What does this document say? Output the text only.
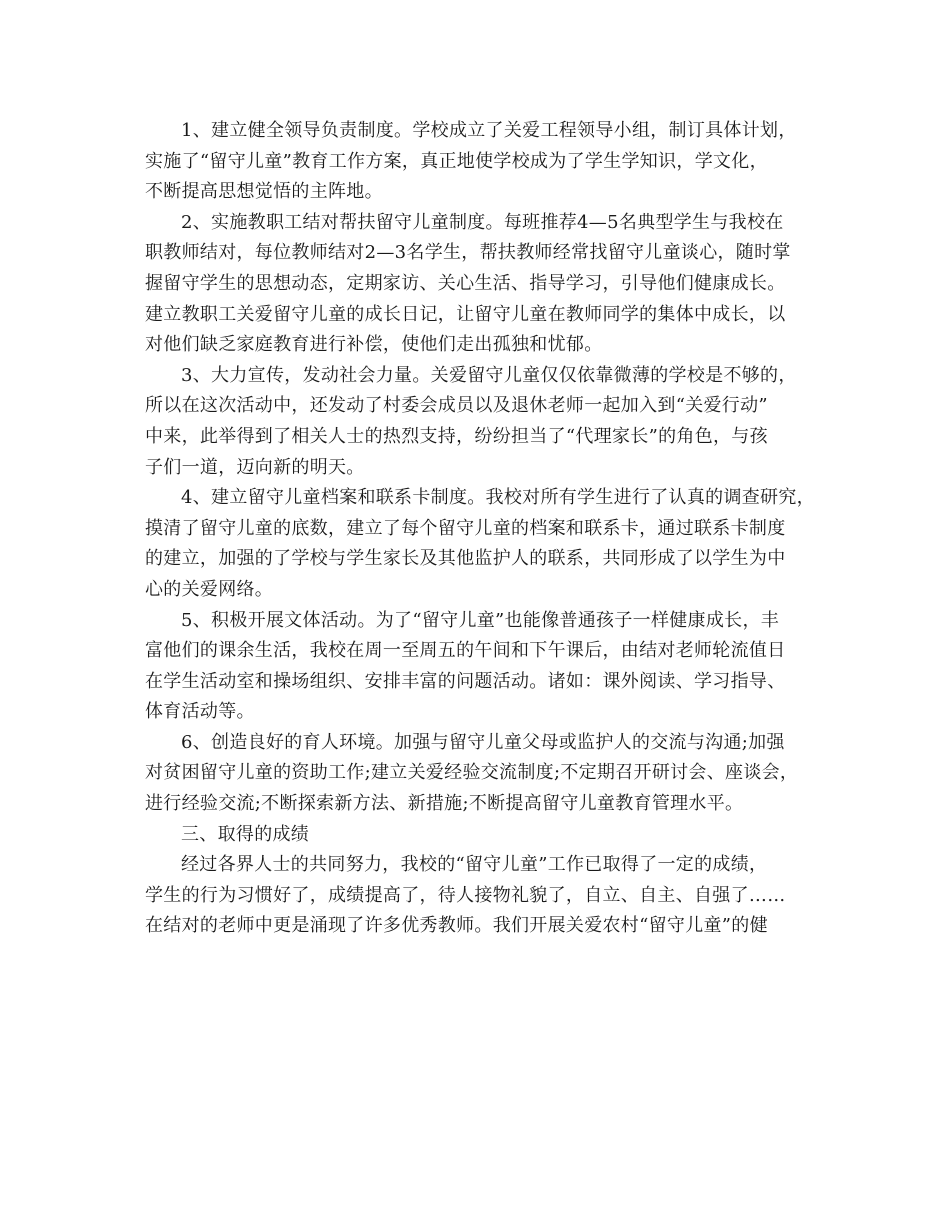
1、建立健全领导负责制度。学校成立了关爱工程领导小组，制订具体计划，
实施了“留守儿童”教育工作方案，真正地使学校成为了学生学知识，学文化，
不断提高思想觉悟的主阵地。
2、实施教职工结对帮扶留守儿童制度。每班推荐4—5名典型学生与我校在
职教师结对，每位教师结对2—3名学生，帮扶教师经常找留守儿童谈心，随时掌
握留守学生的思想动态，定期家访、关心生活、指导学习，引导他们健康成长。
建立教职工关爱留守儿童的成长日记，让留守儿童在教师同学的集体中成长，以
对他们缺乏家庭教育进行补偿，使他们走出孤独和忧郁。
3、大力宣传，发动社会力量。关爱留守儿童仅仅依靠微薄的学校是不够的，
所以在这次活动中，还发动了村委会成员以及退休老师一起加入到“关爱行动”
中来，此举得到了相关人士的热烈支持，纷纷担当了“代理家长”的角色，与孩
子们一道，迈向新的明天。
4、建立留守儿童档案和联系卡制度。我校对所有学生进行了认真的调查研究，
摸清了留守儿童的底数，建立了每个留守儿童的档案和联系卡，通过联系卡制度
的建立，加强的了学校与学生家长及其他监护人的联系，共同形成了以学生为中
心的关爱网络。
5、积极开展文体活动。为了“留守儿童”也能像普通孩子一样健康成长，丰
富他们的课余生活，我校在周一至周五的午间和下午课后，由结对老师轮流值日
在学生活动室和操场组织、安排丰富的问题活动。诸如：课外阅读、学习指导、
体育活动等。
6、创造良好的育人环境。加强与留守儿童父母或监护人的交流与沟通;加强
对贫困留守儿童的资助工作;建立关爱经验交流制度;不定期召开研讨会、座谈会，
进行经验交流;不断探索新方法、新措施;不断提高留守儿童教育管理水平。
三、取得的成绩
经过各界人士的共同努力，我校的“留守儿童”工作已取得了一定的成绩，
学生的行为习惯好了，成绩提高了，待人接物礼貌了，自立、自主、自强了……
在结对的老师中更是涌现了许多优秀教师。我们开展关爱农村“留守儿童”的健
